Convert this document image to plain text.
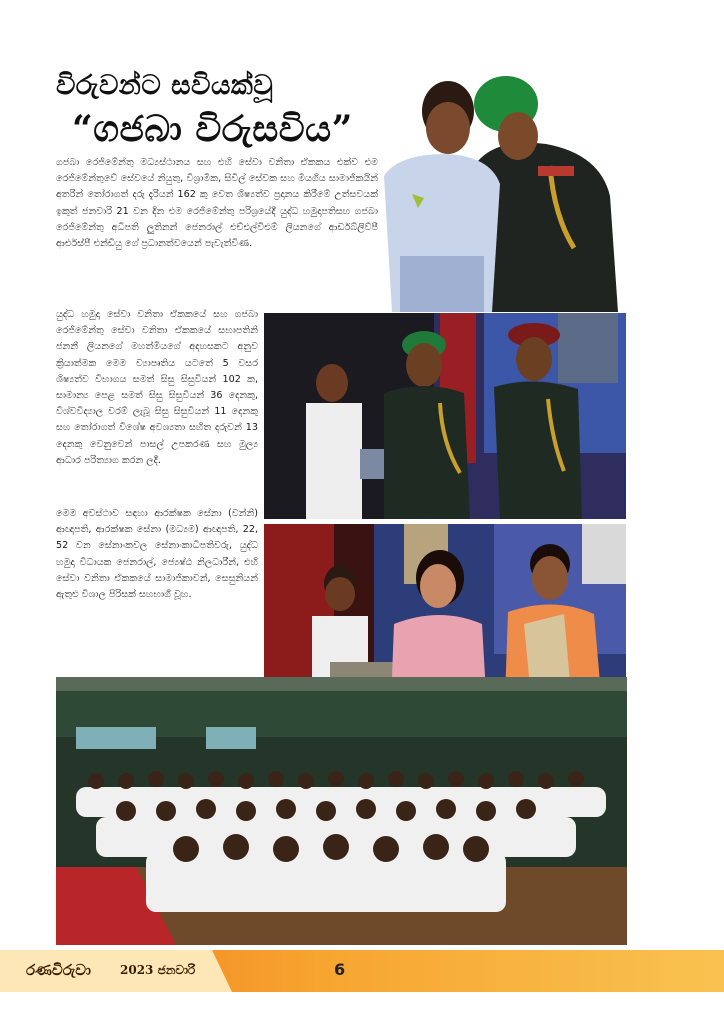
විරුවන්ට සවියක්වූ
“ගජබා විරුසවිය”

ගජබා රෙජිමේන්තු මධ්‍යස්ථානය සහ එහි සේවා වනිතා ඒකකය එක්ව එම රෙජිමේන්තුවේ සේවයේ නියුතු, විශ්‍රාමික, සිවිල් සේවක සහ මියගිය සාමාජිකයින් අතරින් තෝරාගත් දරු දැරියන් 162 කු වෙත ශිෂ්‍යත්ව ප්‍රදානය කිරීමේ උත්සවයක් ඉකුත් ජනවාරි 21 වන දින එම රෙජිමේන්තු පරිශ්‍රයේදී යුද්ධ හමුදාපතිසහ ගජබා රෙජිමේන්තු අධිපති ලුතිනන් ජෙනරාල් එච්එල්වීඑම් ලියනගේ ආර්ඩබ්ලිව්පී ආර්එස්පී එන්ඩියු ගේ ප්‍රධානත්වයෙන් පැවැත්විණ.

යුද්ධ හමුදා සේවා වනිතා ඒකකයේ සහ ගජබා රෙජිමේන්තු සේවා වනිතා ඒකකයේ සභාපතිනි ජනනී ලියනගේ මහත්මියගේ අදහසකට අනුව ක්‍රියාත්මක මෙම ව්‍යාපෘතිය යටතේ 5 වසර ශිෂ්‍යත්ව විභාගය සමත් සිසු සිසුවියන් 102 ක, සාමාන්‍ය පෙළ සමත් සිසු සිසුවියන් 36 දෙනකු, විශ්වවිද්‍යාල වරම් ලැබූ සිසු සිසුවියන් 11 දෙනකු සහ තෝරාගත් විශේෂ අවශ්‍යතා සහිත දරුවන් 13 දෙනකු වෙනුවෙන් පාසල් උපකරණ සහ මුල්‍ය ආධාර පරිත්‍යාග කරන ලදී.

මෙම අවස්ථාව සඳහා ආරක්ෂක සේනා (වන්නි) ආඥාපති, ආරක්ෂක සේනා (මධ්‍යම) ආඥාපති, 22, 52 වන සේනාංකවල සේනාංකාධිපතිවරු, යුද්ධ හමුදා විධායක ජෙනරාල්, ජ්‍යෙෂ්ඨ නිලධාරීන්, එහි සේවා වනිතා ඒකකයේ සාමාජිකාවන්, සෙසුනියන් ඇතුළු විශාල පිරිසක් සහභාගී වූහ.

රණවිරුවා 2023 ජනවාරි	6
